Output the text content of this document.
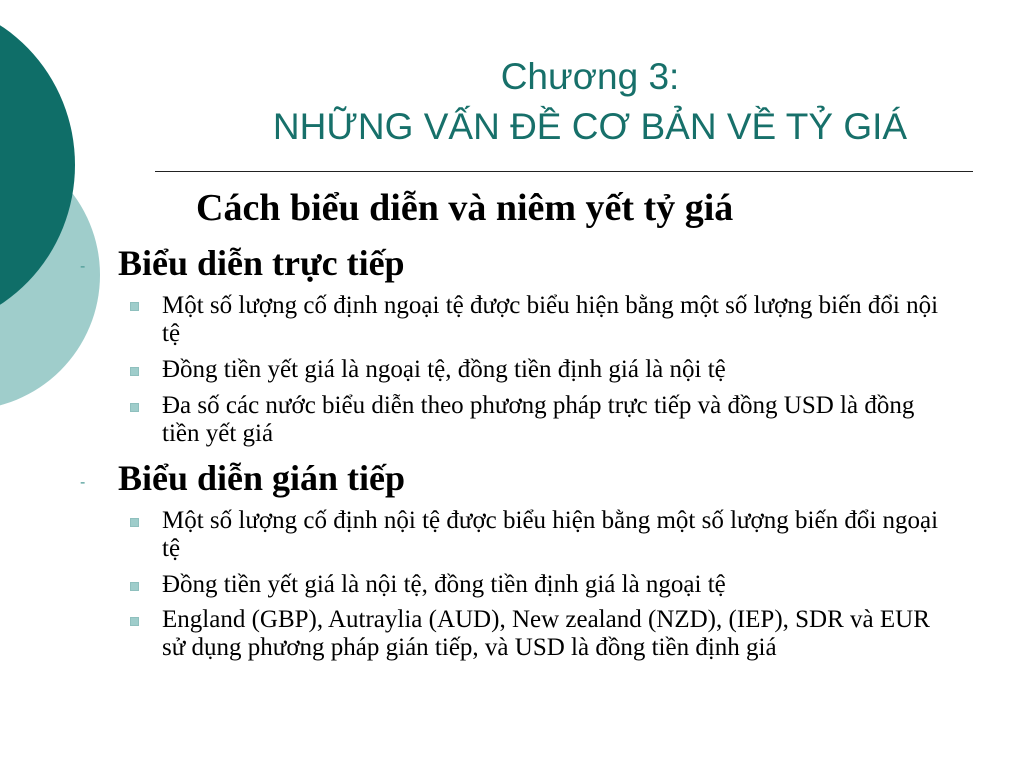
Chương 3:
NHỮNG VẤN ĐỀ CƠ BẢN VỀ TỶ GIÁ
Cách biểu diễn và niêm yết tỷ giá
- Biểu diễn trực tiếp
Một số lượng cố định ngoại tệ được biểu hiện bằng một số lượng biến đổi nội tệ
Đồng tiền yết giá là ngoại tệ, đồng tiền định giá là nội tệ
Đa số các nước biểu diễn theo phương pháp trực tiếp và đồng USD là đồng tiền yết giá
- Biểu diễn gián tiếp
Một số lượng cố định nội tệ được biểu hiện bằng một số lượng biến đổi ngoại tệ
Đồng tiền yết giá là nội tệ, đồng tiền định giá là ngoại tệ
England (GBP), Autraylia (AUD), New zealand (NZD), (IEP), SDR và EUR sử dụng phương pháp gián tiếp, và USD là đồng tiền định giá
